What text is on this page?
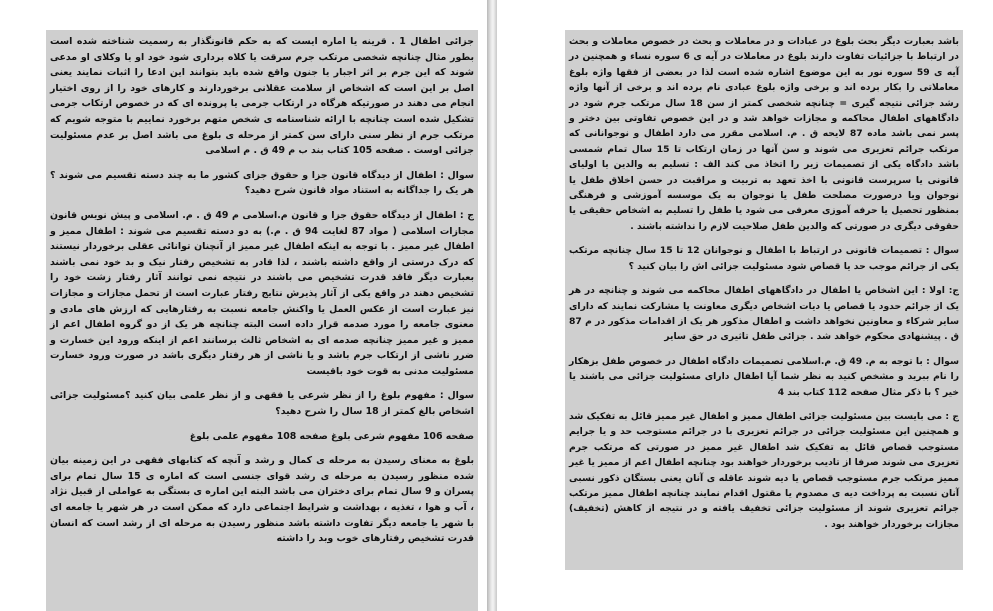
جزائی اطفال 1 . قرینه یا اماره ایست که به حکم قانونگذار به رسمیت شناخته شده است بطور مثال چنانچه شخصی مرتکب جرم سرقت یا کلاه برداری شود خود او یا وکلای او مدعی شوند که این جرم بر اثر اجبار یا جنون واقع شده باید بتوانند این ادعا را اثبات نمایند یعنی اصل بر این است که اشخاص از سلامت عقلانی برخوردارند و کارهای خود را از روی اختیار انجام می دهند در صورتیکه هرگاه در ارتکاب جرمی یا پرونده ای که در خصوص ارتکاب جرمی تشکیل شده است چنانچه با ارائه شناسنامه ی شخص متهم برخورد نماییم با متوجه شویم که مرتکب جرم از نظر سنی دارای سن کمتر از مرحله ی بلوغ می باشد اصل بر عدم مسئولیت جزائی اوست . صفحه 105 کتاب بند ب م 49 ق . م اسلامی

سوال : اطفال از دیدگاه قانون جزا و حقوق جزای کشور ما به چند دسته تقسیم می شوند ؟ هر یک را جداگانه به استناد مواد قانون شرح دهید؟

ج : اطفال از دیدگاه حقوق جزا و قانون م.اسلامی م 49 ق . م. اسلامی و پیش نویس قانون مجازات اسلامی ( مواد 87 لغایت 94 ق . م.) به دو دسته تقسیم می شوند : اطفال ممیز و اطفال غیر ممیز . با توجه به اینکه اطفال غیر ممیز از آنچنان توانائی عقلی برخوردار نیستند که درک درستی از واقع داشته باشند ، لذا قادر به تشخیص رفتار نیک و بد خود نمی باشند بعبارت دیگر فاقد قدرت تشخیص می باشند در نتیجه نمی توانند آثار رفتار زشت خود را تشخیص دهند در واقع یکی از آثار پذیرش نتایج رفتار عبارت است از تحمل مجازات و مجازات نیز عبارت است از عکس العمل یا واکنش جامعه نسبت به رفتارهایی که ارزش های مادی و معنوی جامعه را مورد صدمه قرار داده است البته چنانچه هر یک از دو گروه اطفال اعم از ممیز و غیر ممیز چنانچه صدمه ای به اشخاص ثالث برسانند اعم از اینکه ورود این خسارت و ضرر ناشی از ارتکاب جرم باشد و یا ناشی از هر رفتار دیگری باشد در صورت ورود خسارت مسئولیت مدنی به قوت خود باقیست

سوال : مفهوم بلوغ را از نظر شرعی یا فقهی و از نظر علمی بیان کنید ؟مسئولیت جزائی اشخاص بالغ کمتر از 18 سال را شرح دهید؟

صفحه 106 مفهوم شرعی بلوغ صفحه 108 مفهوم علمی بلوغ

بلوغ به معنای رسیدن به مرحله ی کمال و رشد و آنچه که کتابهای فقهی در این زمینه بیان شده منظور رسیدن به مرحله ی رشد قوای جنسی است که اماره ی 15 سال تمام برای پسران و 9 سال تمام برای دختران می باشد البته این اماره ی بستگی به عواملی از قبیل نژاد ، آب و هوا ، تغذیه ، بهداشت و شرایط اجتماعی دارد که ممکن است در هر شهر یا جامعه ای با شهر یا جامعه دیگر تفاوت داشته باشد منظور رسیدن به مرحله ای از رشد است که انسان قدرت تشخیص رفتارهای خوب وبد را داشته

باشد بعبارت دیگر بحث بلوغ در عبادات و در معاملات و بحث در خصوص معاملات و بحث در ارتباط با جزائیات تفاوت دارند بلوغ در معاملات در آیه ی 6 سوره نساء و همچنین در آیه ی 59 سوره نور به این موضوع اشاره شده است لذا در بعضی از فقها واژه بلوغ معاملاتی را بکار برده اند و برخی واژه بلوغ عبادی نام برده اند و برخی از آنها واژه رشد جزائی نتیجه گیری = چنانچه شخصی کمتر از سن 18 سال مرتکب جرم شود در دادگاههای اطفال محاکمه و مجازات خواهد شد و در این خصوص تفاوتی بین دختر و پسر نمی باشد ماده 87 لایحه ق . م. اسلامی مقرر می دارد اطفال و نوجوانانی که مرتکب جرائم تعزیری می شوند و سن آنها در زمان ارتکاب تا 15 سال تمام شمسی باشد دادگاه یکی از تصمیمات زیر را اتخاذ می کند الف : تسلیم به والدین یا اولیای قانونی یا سرپرست قانونی با اخذ تعهد به تربیت و مراقبت در حسن اخلاق طفل یا نوجوان ویا درصورت مصلحت طفل یا نوجوان به یک موسسه آموزشی و فرهنگی بمنظور تحصیل یا حرفه آموزی معرفی می شود یا طفل را تسلیم به اشخاص حقیقی یا حقوقی دیگری در صورتی که والدین طفل صلاحیت لازم را نداشته باشند .

سوال : تصمیمات قانونی در ارتباط با اطفال و نوجوانان 12 تا 15 سال چنانچه مرتکب یکی از جرائم موجب حد یا قصاص شود مسئولیت جزائی اش را بیان کنید ؟

ج: اولا : این اشخاص یا اطفال در دادگاههای اطفال محاکمه می شوند و چنانچه در هر یک از جرائم حدود یا قصاص یا دیات اشخاص دیگری معاونت یا مشارکت نمایند که دارای سایر شرکاء و معاونین نخواهد داشت و اطفال مذکور هر یک از اقدامات مذکور در م 87 ق . پیشنهادی محکوم خواهد شد . جزائی طفل تاثیری در حق سایر

سوال : با توجه به م. 49 ق. م.اسلامی تصمیمات دادگاه اطفال در خصوص طفل بزهکار را نام ببرید و مشخص کنید به نظر شما آیا اطفال دارای مسئولیت جزائی می باشند یا خیر ؟ با ذکر مثال صفحه 112 کتاب بند 4

ج : می بایست بین مسئولیت جزائی اطفال ممیز و اطفال غیر ممیز قائل به تفکیک شد و همچنین این مسئولیت جزائی در جرائم تعزیری با در جرائم مستوجب حد و یا جرایم مستوجب قصاص قائل به تفکیک شد اطفال غیر ممیز در صورتی که مرتکب جرم تعزیری می شوند صرفا از تادیب برخوردار خواهند بود چنانچه اطفال اعم از ممیز یا غیر ممیز مرتکب جرم مستوجب قصاص یا دیه شوند عاقله ی آنان یعنی بستگان ذکور نسبی آنان نسبت به پرداخت دیه ی مصدوم یا مقتول اقدام نمایند چنانچه اطفال ممیز مرتکب جرائم تعزیری شوند از مسئولیت جزائی تخفیف یافته و در نتیجه از کاهش (تخفیف) مجازات برخوردار خواهند بود .
